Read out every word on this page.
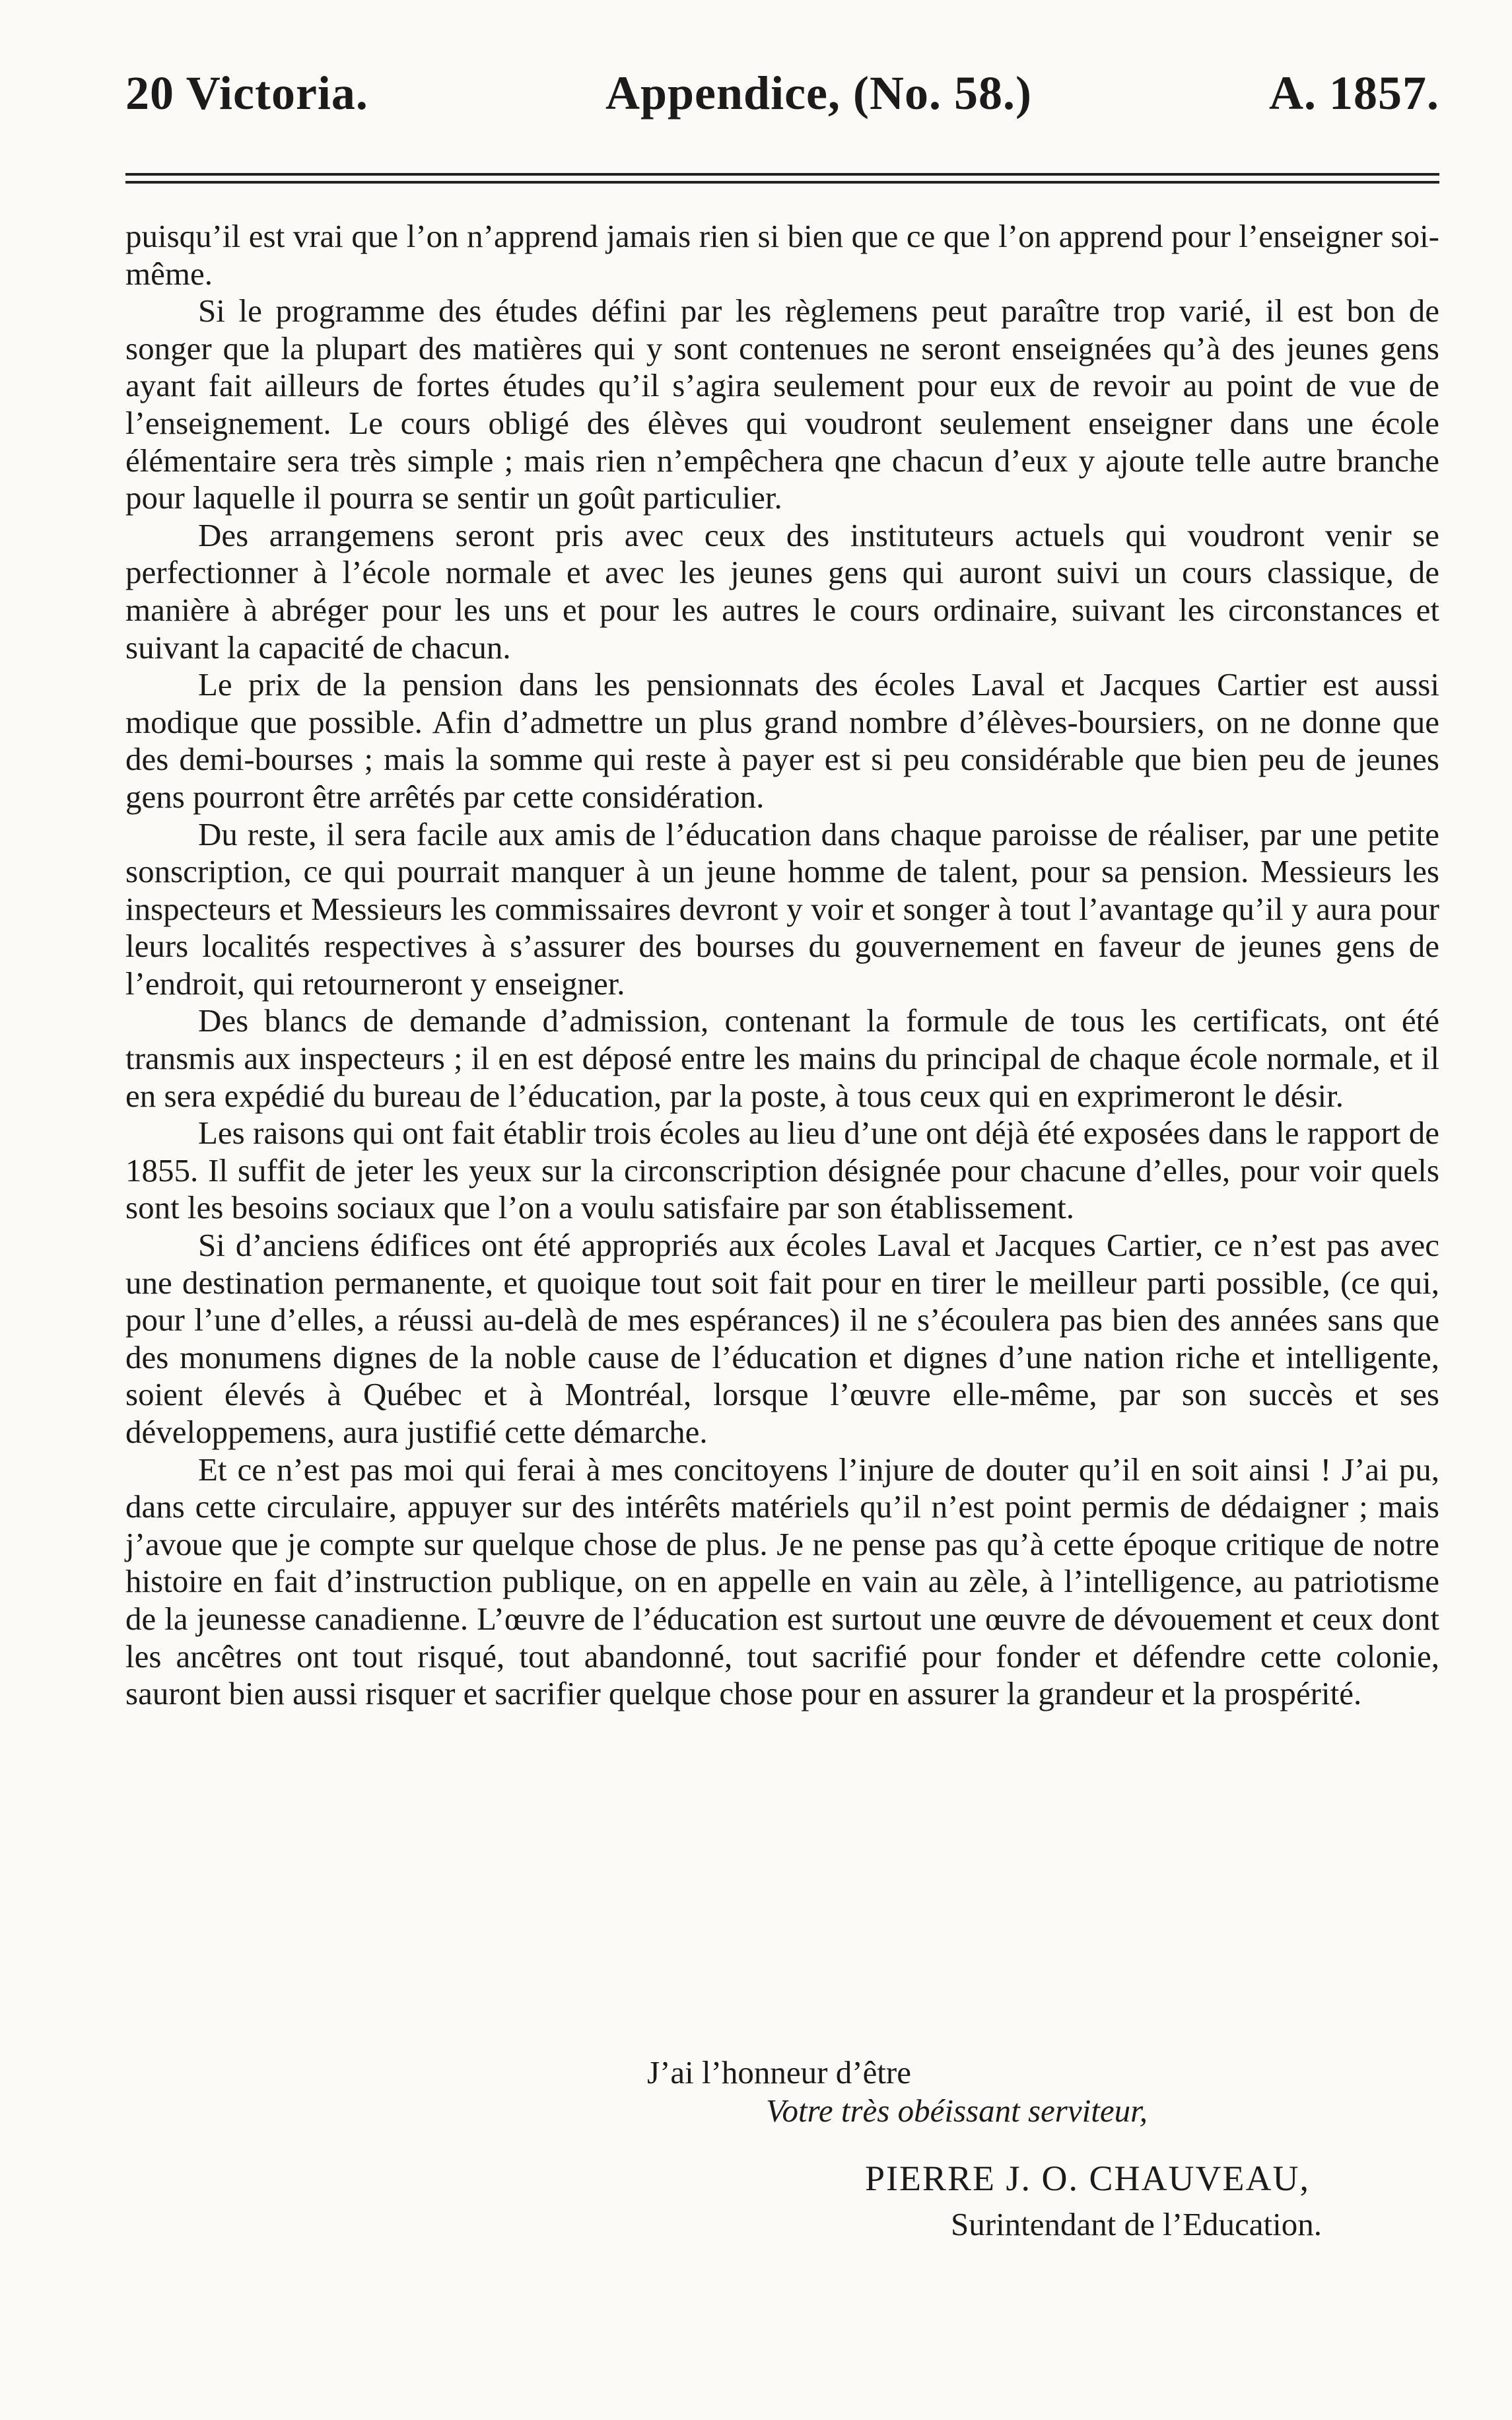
20 Victoria.	Appendice, (No. 58.)	A. 1857.

puisqu’il est vrai que l’on n’apprend jamais rien si bien que ce que l’on apprend pour l’enseigner soi-même.

Si le programme des études défini par les règlemens peut paraître trop varié, il est bon de songer que la plupart des matières qui y sont contenues ne seront enseignées qu’à des jeunes gens ayant fait ailleurs de fortes études qu’il s’agira seulement pour eux de revoir au point de vue de l’enseignement. Le cours obligé des élèves qui voudront seulement enseigner dans une école élémentaire sera très simple ; mais rien n’empêchera qne chacun d’eux y ajoute telle autre branche pour laquelle il pourra se sentir un goût particulier.

Des arrangemens seront pris avec ceux des instituteurs actuels qui voudront venir se perfectionner à l’école normale et avec les jeunes gens qui auront suivi un cours classique, de manière à abréger pour les uns et pour les autres le cours ordinaire, suivant les circonstances et suivant la capacité de chacun.

Le prix de la pension dans les pensionnats des écoles Laval et Jacques Cartier est aussi modique que possible. Afin d’admettre un plus grand nombre d’élèves-boursiers, on ne donne que des demi-bourses ; mais la somme qui reste à payer est si peu considérable que bien peu de jeunes gens pourront être arrêtés par cette considération.

Du reste, il sera facile aux amis de l’éducation dans chaque paroisse de réaliser, par une petite sonscription, ce qui pourrait manquer à un jeune homme de talent, pour sa pension. Messieurs les inspecteurs et Messieurs les commissaires devront y voir et songer à tout l’avantage qu’il y aura pour leurs localités respectives à s’assurer des bourses du gouvernement en faveur de jeunes gens de l’endroit, qui retourneront y enseigner.

Des blancs de demande d’admission, contenant la formule de tous les certificats, ont été transmis aux inspecteurs ; il en est déposé entre les mains du principal de chaque école normale, et il en sera expédié du bureau de l’éducation, par la poste, à tous ceux qui en exprimeront le désir.

Les raisons qui ont fait établir trois écoles au lieu d’une ont déjà été exposées dans le rapport de 1855. Il suffit de jeter les yeux sur la circonscription désignée pour chacune d’elles, pour voir quels sont les besoins sociaux que l’on a voulu satisfaire par son établissement.

Si d’anciens édifices ont été appropriés aux écoles Laval et Jacques Cartier, ce n’est pas avec une destination permanente, et quoique tout soit fait pour en tirer le meilleur parti possible, (ce qui, pour l’une d’elles, a réussi au-delà de mes espérances) il ne s’écoulera pas bien des années sans que des monumens dignes de la noble cause de l’éducation et dignes d’une nation riche et intelligente, soient élevés à Québec et à Montréal, lorsque l’œuvre elle-même, par son succès et ses développemens, aura justifié cette démarche.

Et ce n’est pas moi qui ferai à mes concitoyens l’injure de douter qu’il en soit ainsi ! J’ai pu, dans cette circulaire, appuyer sur des intérêts matériels qu’il n’est point permis de dédaigner ; mais j’avoue que je compte sur quelque chose de plus. Je ne pense pas qu’à cette époque critique de notre histoire en fait d’instruction publique, on en appelle en vain au zèle, à l’intelligence, au patriotisme de la jeunesse canadienne. L’œuvre de l’éducation est surtout une œuvre de dévouement et ceux dont les ancêtres ont tout risqué, tout abandonné, tout sacrifié pour fonder et défendre cette colonie, sauront bien aussi risquer et sacrifier quelque chose pour en assurer la grandeur et la prospérité.

J’ai l’honneur d’être
Votre très obéissant serviteur,
PIERRE J. O. CHAUVEAU,
Surintendant de l’Education.
